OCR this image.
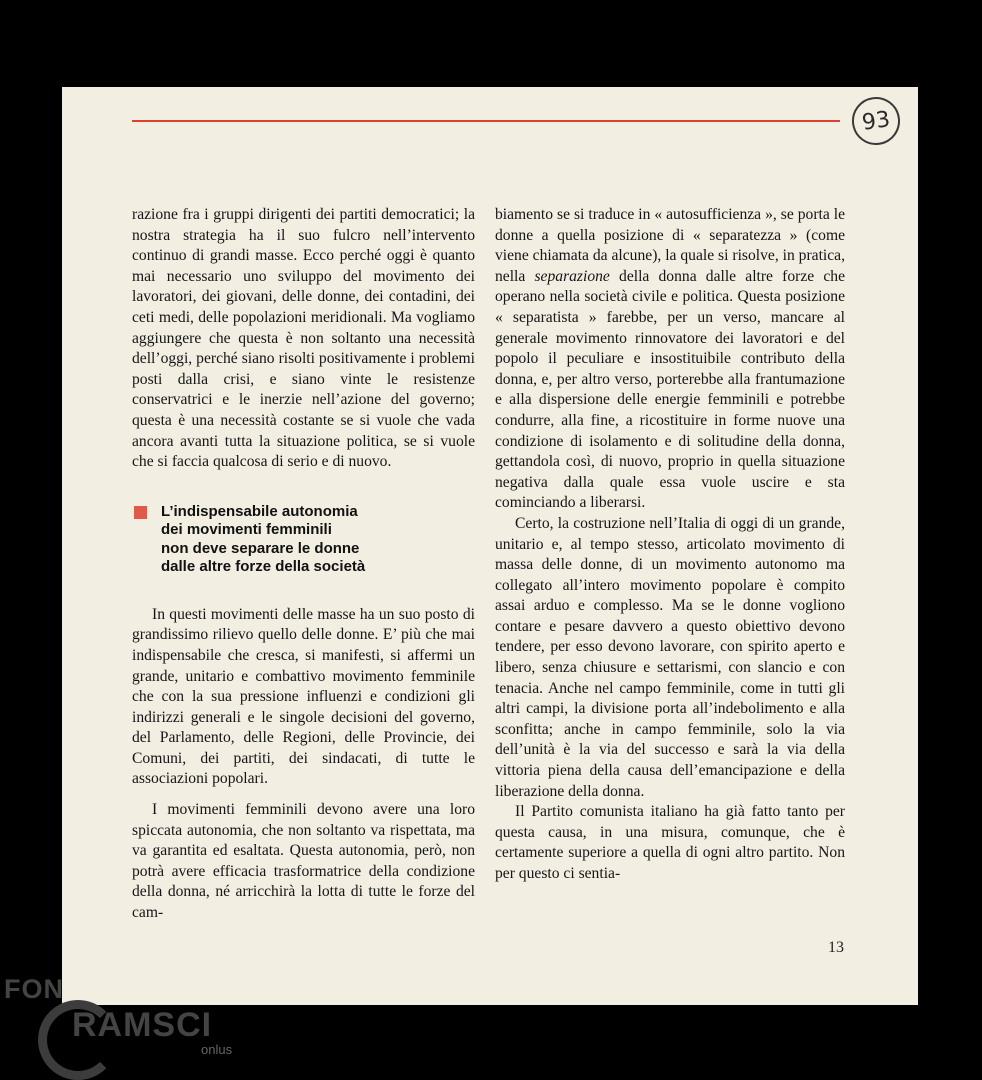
93

razione fra i gruppi dirigenti dei partiti democratici; la nostra strategia ha il suo fulcro nell’intervento continuo di grandi masse. Ecco perché oggi è quanto mai necessario uno sviluppo del movimento dei lavoratori, dei giovani, delle donne, dei contadini, dei ceti medi, delle popolazioni meridionali. Ma vogliamo aggiungere che questa è non soltanto una necessità dell’oggi, perché siano risolti positivamente i problemi posti dalla crisi, e siano vinte le resistenze conservatrici e le inerzie nell’azione del governo; questa è una necessità costante se si vuole che vada ancora avanti tutta la situazione politica, se si vuole che si faccia qualcosa di serio e di nuovo.

L’indispensabile autonomia
dei movimenti femminili
non deve separare le donne
dalle altre forze della società

In questi movimenti delle masse ha un suo posto di grandissimo rilievo quello delle donne. E’ più che mai indispensabile che cresca, si manifesti, si affermi un grande, unitario e combattivo movimento femminile che con la sua pressione influenzi e condizioni gli indirizzi generali e le singole decisioni del governo, del Parlamento, delle Regioni, delle Provincie, dei Comuni, dei partiti, dei sindacati, di tutte le associazioni popolari.

I movimenti femminili devono avere una loro spiccata autonomia, che non soltanto va rispettata, ma va garantita ed esaltata. Questa autonomia, però, non potrà avere efficacia trasformatrice della condizione della donna, né arricchirà la lotta di tutte le forze del cam-

biamento se si traduce in « autosufficienza », se porta le donne a quella posizione di « separatezza » (come viene chiamata da alcune), la quale si risolve, in pratica, nella separazione della donna dalle altre forze che operano nella società civile e politica. Questa posizione « separatista » farebbe, per un verso, mancare al generale movimento rinnovatore dei lavoratori e del popolo il peculiare e insostituibile contributo della donna, e, per altro verso, porterebbe alla frantumazione e alla dispersione delle energie femminili e potrebbe condurre, alla fine, a ricostituire in forme nuove una condizione di isolamento e di solitudine della donna, gettandola così, di nuovo, proprio in quella situazione negativa dalla quale essa vuole uscire e sta cominciando a liberarsi.

Certo, la costruzione nell’Italia di oggi di un grande, unitario e, al tempo stesso, articolato movimento di massa delle donne, di un movimento autonomo ma collegato all’intero movimento popolare è compito assai arduo e complesso. Ma se le donne vogliono contare e pesare davvero a questo obiettivo devono tendere, per esso devono lavorare, con spirito aperto e libero, senza chiusure e settarismi, con slancio e con tenacia. Anche nel campo femminile, come in tutti gli altri campi, la divisione porta all’indebolimento e alla sconfitta; anche in campo femminile, solo la via dell’unità è la via del successo e sarà la via della vittoria piena della causa dell’emancipazione e della liberazione della donna.

Il Partito comunista italiano ha già fatto tanto per questa causa, in una misura, comunque, che è certamente superiore a quella di ogni altro partito. Non per questo ci sentia-

13
FON
RAMSCI
onlus
